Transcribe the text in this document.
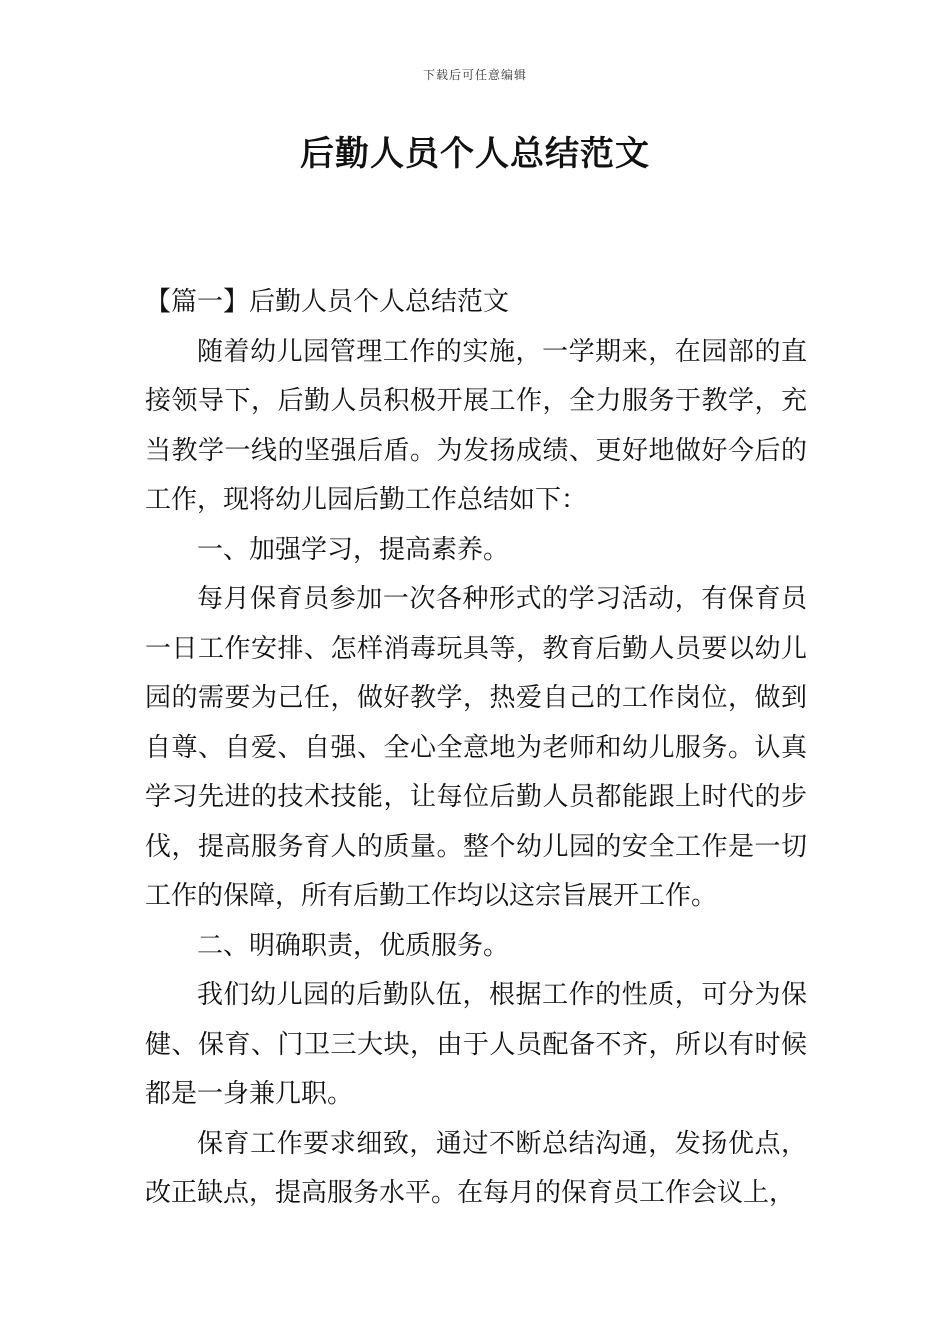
下载后可任意编辑
后勤人员个人总结范文

【篇一】后勤人员个人总结范文

随着幼儿园管理工作的实施，一学期来，在园部的直接领导下，后勤人员积极开展工作，全力服务于教学，充当教学一线的坚强后盾。为发扬成绩、更好地做好今后的工作，现将幼儿园后勤工作总结如下：

一、加强学习，提高素养。

每月保育员参加一次各种形式的学习活动，有保育员一日工作安排、怎样消毒玩具等，教育后勤人员要以幼儿园的需要为己任，做好教学，热爱自己的工作岗位，做到自尊、自爱、自强、全心全意地为老师和幼儿服务。认真学习先进的技术技能，让每位后勤人员都能跟上时代的步伐，提高服务育人的质量。整个幼儿园的安全工作是一切工作的保障，所有后勤工作均以这宗旨展开工作。

二、明确职责，优质服务。

我们幼儿园的后勤队伍，根据工作的性质，可分为保健、保育、门卫三大块，由于人员配备不齐，所以有时候都是一身兼几职。

保育工作要求细致，通过不断总结沟通，发扬优点，改正缺点，提高服务水平。在每月的保育员工作会议上，
